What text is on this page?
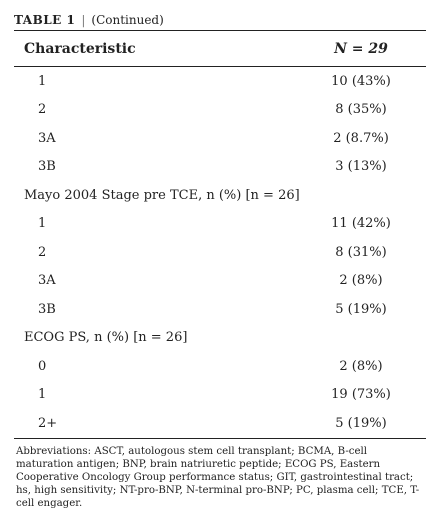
TABLE 1 | (Continued)
Characteristic	N = 29
1	10 (43%)
2	8 (35%)
3A	2 (8.7%)
3B	3 (13%)
Mayo 2004 Stage pre TCE, n (%) [n = 26]
1	11 (42%)
2	8 (31%)
3A	2 (8%)
3B	5 (19%)
ECOG PS, n (%) [n = 26]
0	2 (8%)
1	19 (73%)
2+	5 (19%)
Abbreviations: ASCT, autologous stem cell transplant; BCMA, B-cell maturation antigen; BNP, brain natriuretic peptide; ECOG PS, Eastern Cooperative Oncology Group performance status; GIT, gastrointestinal tract; hs, high sensitivity; NT-pro-BNP, N-terminal pro-BNP; PC, plasma cell; TCE, T-cell engager.
